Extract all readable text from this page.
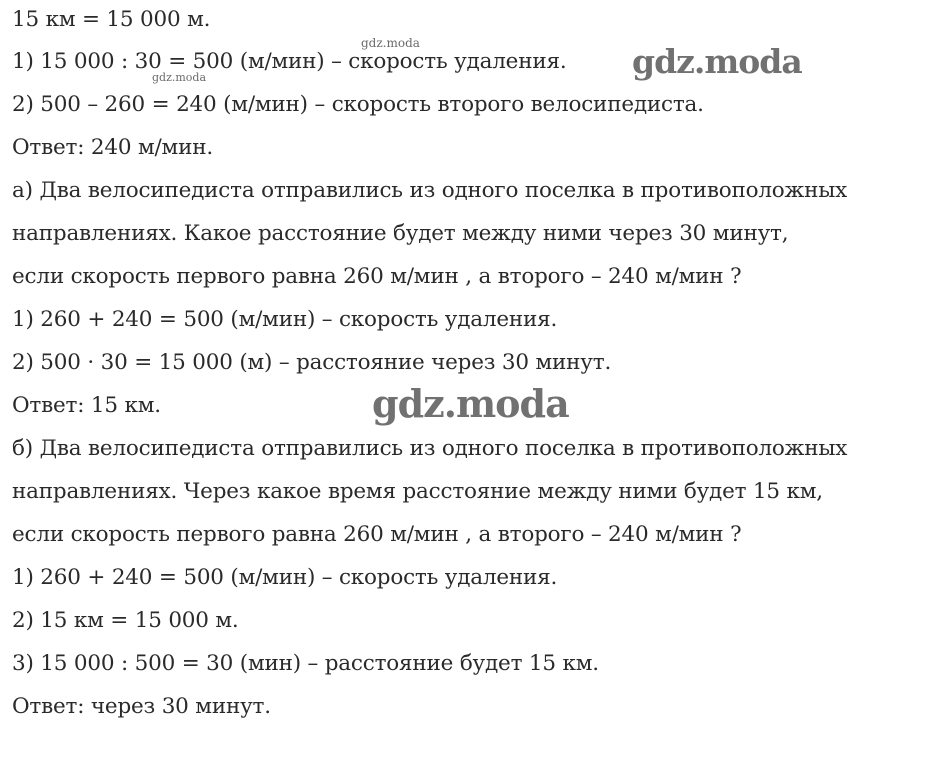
15 км = 15 000 м.
1) 15 000 : 30 = 500 (м/мин) – скорость удаления.
2) 500 – 260 = 240 (м/мин) – скорость второго велосипедиста.
Ответ: 240 м/мин.
а) Два велосипедиста отправились из одного поселка в противоположных
направлениях. Какое расстояние будет между ними через 30 минут,
если скорость первого равна 260 м/мин , а второго – 240 м/мин ?
1) 260 + 240 = 500 (м/мин) – скорость удаления.
2) 500 · 30 = 15 000 (м) – расстояние через 30 минут.
Ответ: 15 км.
б) Два велосипедиста отправились из одного поселка в противоположных
направлениях. Через какое время расстояние между ними будет 15 км,
если скорость первого равна 260 м/мин , а второго – 240 м/мин ?
1) 260 + 240 = 500 (м/мин) – скорость удаления.
2) 15 км = 15 000 м.
3) 15 000 : 500 = 30 (мин) – расстояние будет 15 км.
Ответ: через 30 минут.
gdz.moda
gdz.moda
gdz.moda
gdz.moda
